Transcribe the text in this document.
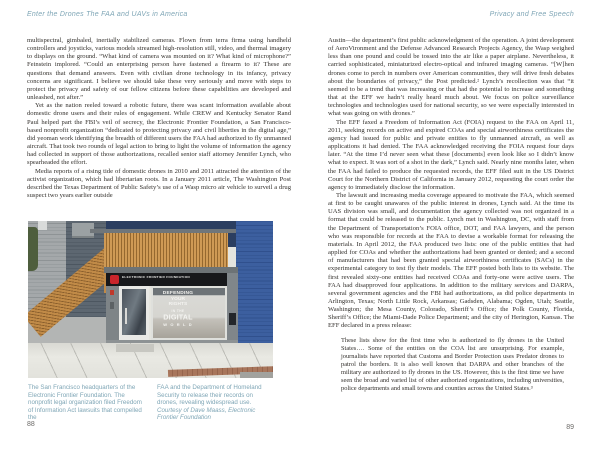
Enter the Drones The FAA and UAVs in America

multispectral, gimbaled, inertially stabilized cameras. Flown from terra firma using handheld controllers and joysticks, various models streamed high-resolution still, video, and thermal imagery to displays on the ground. “What kind of camera was mounted on it? What kind of microphone?” Feinstein implored. “Could an enterprising person have fastened a firearm to it? These are questions that demand answers. Even with civilian drone technology in its infancy, privacy concerns are significant. I believe we should take these very seriously and move with steps to protect the privacy and safety of our fellow citizens before these capabilities are developed and unleashed, not after.”

Yet as the nation reeled toward a robotic future, there was scant information available about domestic drone users and their rules of engagement. While CREW and Kentucky Senator Rand Paul helped part the FBI’s veil of secrecy, the Electronic Frontier Foundation, a San Francisco-based nonprofit organization “dedicated to protecting privacy and civil liberties in the digital age,” did yeoman work identifying the breadth of different users the FAA had authorized to fly unmanned aircraft. That took two rounds of legal action to bring to light the volume of information the agency had collected in support of those authorizations, recalled senior staff attorney Jennifer Lynch, who spearheaded the effort.

Media reports of a rising tide of domestic drones in 2010 and 2011 attracted the attention of the activist organization, which had libertarian roots. In a January 2011 article, The Washington Post described the Texas Department of Public Safety’s use of a Wasp micro air vehicle to surveil a drug suspect two years earlier outside

ELECTRONIC FRONTIER FOUNDATION
DEFENDING
YOUR RIGHTS
IN THE
DIGITAL
W O R L D
The San Francisco headquarters of the Electronic Frontier Foundation. The nonprofit legal organization filed Freedom of Information Act lawsuits that compelled the
FAA and the Department of Homeland Security to release their records on drones, revealing widespread use. Courtesy of Dave Maass, Electronic Frontier Foundation
88
Privacy and Free Speech

Austin—the department’s first public acknowledgment of the operation. A joint development of AeroVironment and the Defense Advanced Research Projects Agency, the Wasp weighed less than one pound and could be tossed into the air like a paper airplane. Nevertheless, it carried sophisticated, miniaturized electro-optical and infrared imaging cameras. “[W]hen drones come to perch in numbers over American communities, they will drive fresh debates about the boundaries of privacy,” the Post predicted.² Lynch’s recollection was that “it seemed to be a trend that was increasing or that had the potential to increase and something that at the EFF we hadn’t really heard much about. We focus on police surveillance technologies and technologies used for national security, so we were especially interested in what was going on with drones.”

The EFF faxed a Freedom of Information Act (FOIA) request to the FAA on April 11, 2011, seeking records on active and expired COAs and special airworthiness certificates the agency had issued for public and private entities to fly unmanned aircraft, as well as applications it had denied. The FAA acknowledged receiving the FOIA request four days later. “At the time I’d never seen what these [documents] even look like so I didn’t know what to expect. It was sort of a shot in the dark,” Lynch said. Nearly nine months later, when the FAA had failed to produce the requested records, the EFF filed suit in the US District Court for the Northern District of California in January 2012, requesting the court order the agency to immediately disclose the information.

The lawsuit and increasing media coverage appeared to motivate the FAA, which seemed at first to be caught unawares of the public interest in drones, Lynch said. At the time its UAS division was small, and documentation the agency collected was not organized in a format that could be released to the public. Lynch met in Washington, DC, with staff from the Department of Transportation’s FOIA office, DOT, and FAA lawyers, and the person who was responsible for records at the FAA to devise a workable format for releasing the materials. In April 2012, the FAA produced two lists: one of the public entities that had applied for COAs and whether the authorizations had been granted or denied; and a second of manufacturers that had been granted special airworthiness certificates (SACs) in the experimental category to test fly their models. The EFF posted both lists to its website. The first revealed sixty-one entities had received COAs and forty-one were active users. The FAA had disapproved four applications. In addition to the military services and DARPA, several government agencies and the FBI had authorizations, as did police departments in Arlington, Texas; North Little Rock, Arkansas; Gadsden, Alabama; Ogden, Utah; Seattle, Washington; the Mesa County, Colorado, Sheriff’s Office; the Polk County, Florida, Sheriff’s Office; the Miami-Dade Police Department; and the city of Herington, Kansas. The EFF declared in a press release:

These lists show for the first time who is authorized to fly drones in the United States…. Some of the entities on the COA list are unsurprising. For example, journalists have reported that Customs and Border Protection uses Predator drones to patrol the borders. It is also well known that DARPA and other branches of the military are authorized to fly drones in the US. However, this is the first time we have seen the broad and varied list of other authorized organizations, including universities, police departments and small towns and counties across the United States.³
89
